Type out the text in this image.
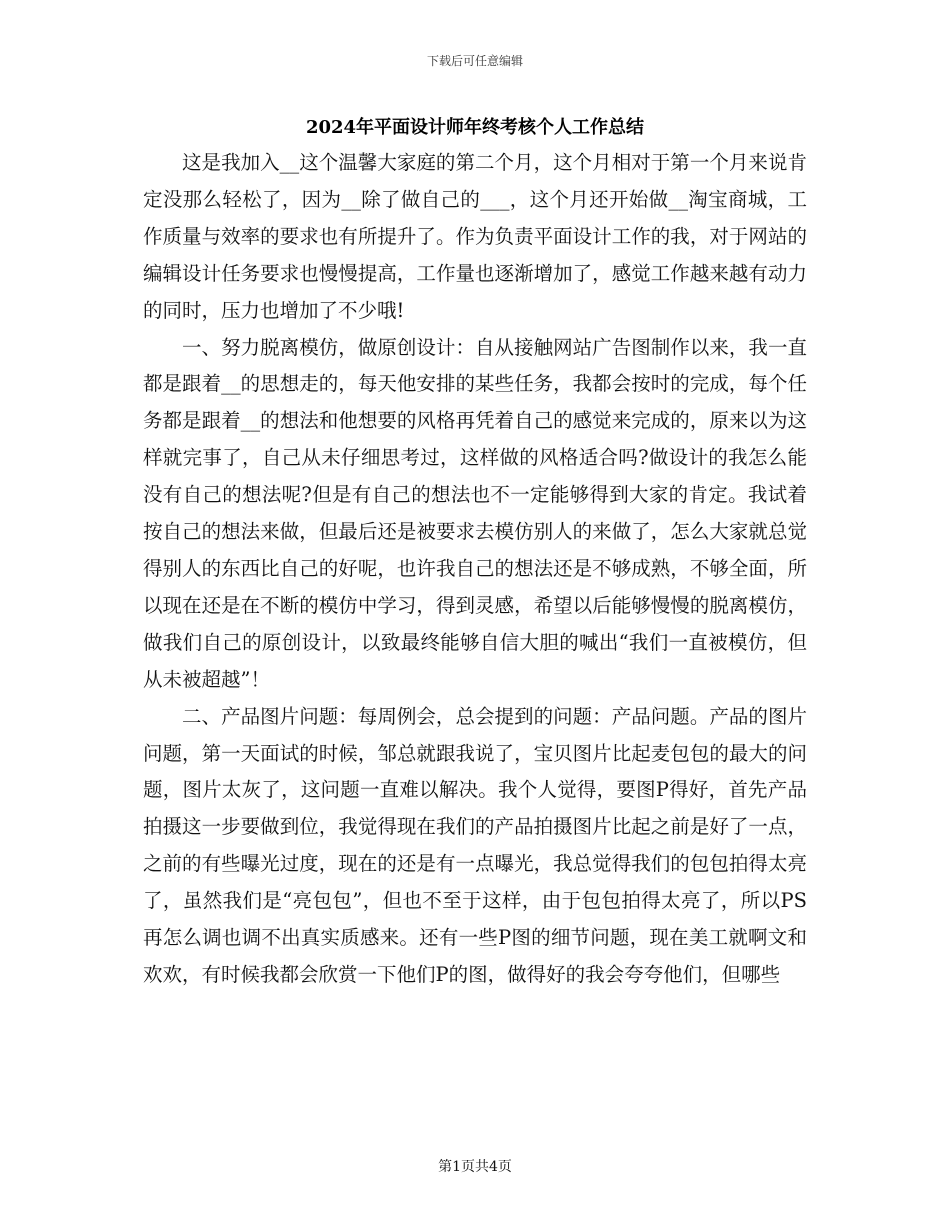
下载后可任意编辑
2024年平面设计师年终考核个人工作总结

这是我加入__这个温馨大家庭的第二个月，这个月相对于第一个月来说肯定没那么轻松了，因为__除了做自己的___，这个月还开始做__淘宝商城，工作质量与效率的要求也有所提升了。作为负责平面设计工作的我，对于网站的编辑设计任务要求也慢慢提高，工作量也逐渐增加了，感觉工作越来越有动力的同时，压力也增加了不少哦!

一、努力脱离模仿，做原创设计：自从接触网站广告图制作以来，我一直都是跟着__的思想走的，每天他安排的某些任务，我都会按时的完成，每个任务都是跟着__的想法和他想要的风格再凭着自己的感觉来完成的，原来以为这样就完事了，自己从未仔细思考过，这样做的风格适合吗?做设计的我怎么能没有自己的想法呢?但是有自己的想法也不一定能够得到大家的肯定。我试着按自己的想法来做，但最后还是被要求去模仿别人的来做了，怎么大家就总觉得别人的东西比自己的好呢，也许我自己的想法还是不够成熟，不够全面，所以现在还是在不断的模仿中学习，得到灵感，希望以后能够慢慢的脱离模仿，做我们自己的原创设计，以致最终能够自信大胆的喊出“我们一直被模仿，但从未被超越”！

二、产品图片问题：每周例会，总会提到的问题：产品问题。产品的图片问题，第一天面试的时候，邹总就跟我说了，宝贝图片比起麦包包的最大的问题，图片太灰了，这问题一直难以解决。我个人觉得，要图P得好，首先产品拍摄这一步要做到位，我觉得现在我们的产品拍摄图片比起之前是好了一点，之前的有些曝光过度，现在的还是有一点曝光，我总觉得我们的包包拍得太亮了，虽然我们是“亮包包”，但也不至于这样，由于包包拍得太亮了，所以PS再怎么调也调不出真实质感来。还有一些P图的细节问题，现在美工就啊文和欢欢，有时候我都会欣赏一下他们P的图，做得好的我会夸夸他们，但哪些

第1页共4页
